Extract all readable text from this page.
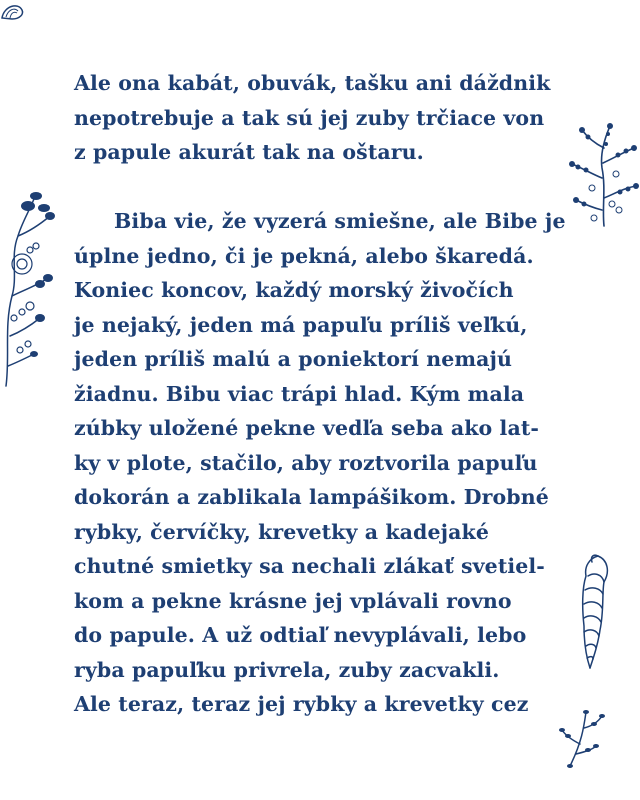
Ale ona kabát, obuvák, tašku ani dáždnik
nepotrebuje a tak sú jej zuby trčiace von
z papule akurát tak na oštaru.
Biba vie, že vyzerá smiešne, ale Bibe je
úplne jedno, či je pekná, alebo škaredá.
Koniec koncov, každý morský živočích
je nejaký, jeden má papuľu príliš veľkú,
jeden príliš malú a poniektorí nemajú
žiadnu. Bibu viac trápi hlad. Kým mala
zúbky uložené pekne vedľa seba ako lat-
ky v plote, stačilo, aby roztvorila papuľu
dokorán a zablikala lampášikom. Drobné
rybky, červíčky, krevetky a kadejaké
chutné smietky sa nechali zlákať svetiel-
kom a pekne krásne jej vplávali rovno
do papule. A už odtiaľ nevyplávali, lebo
ryba papuľku privrela, zuby zacvakli.
Ale teraz, teraz jej rybky a krevetky cez
